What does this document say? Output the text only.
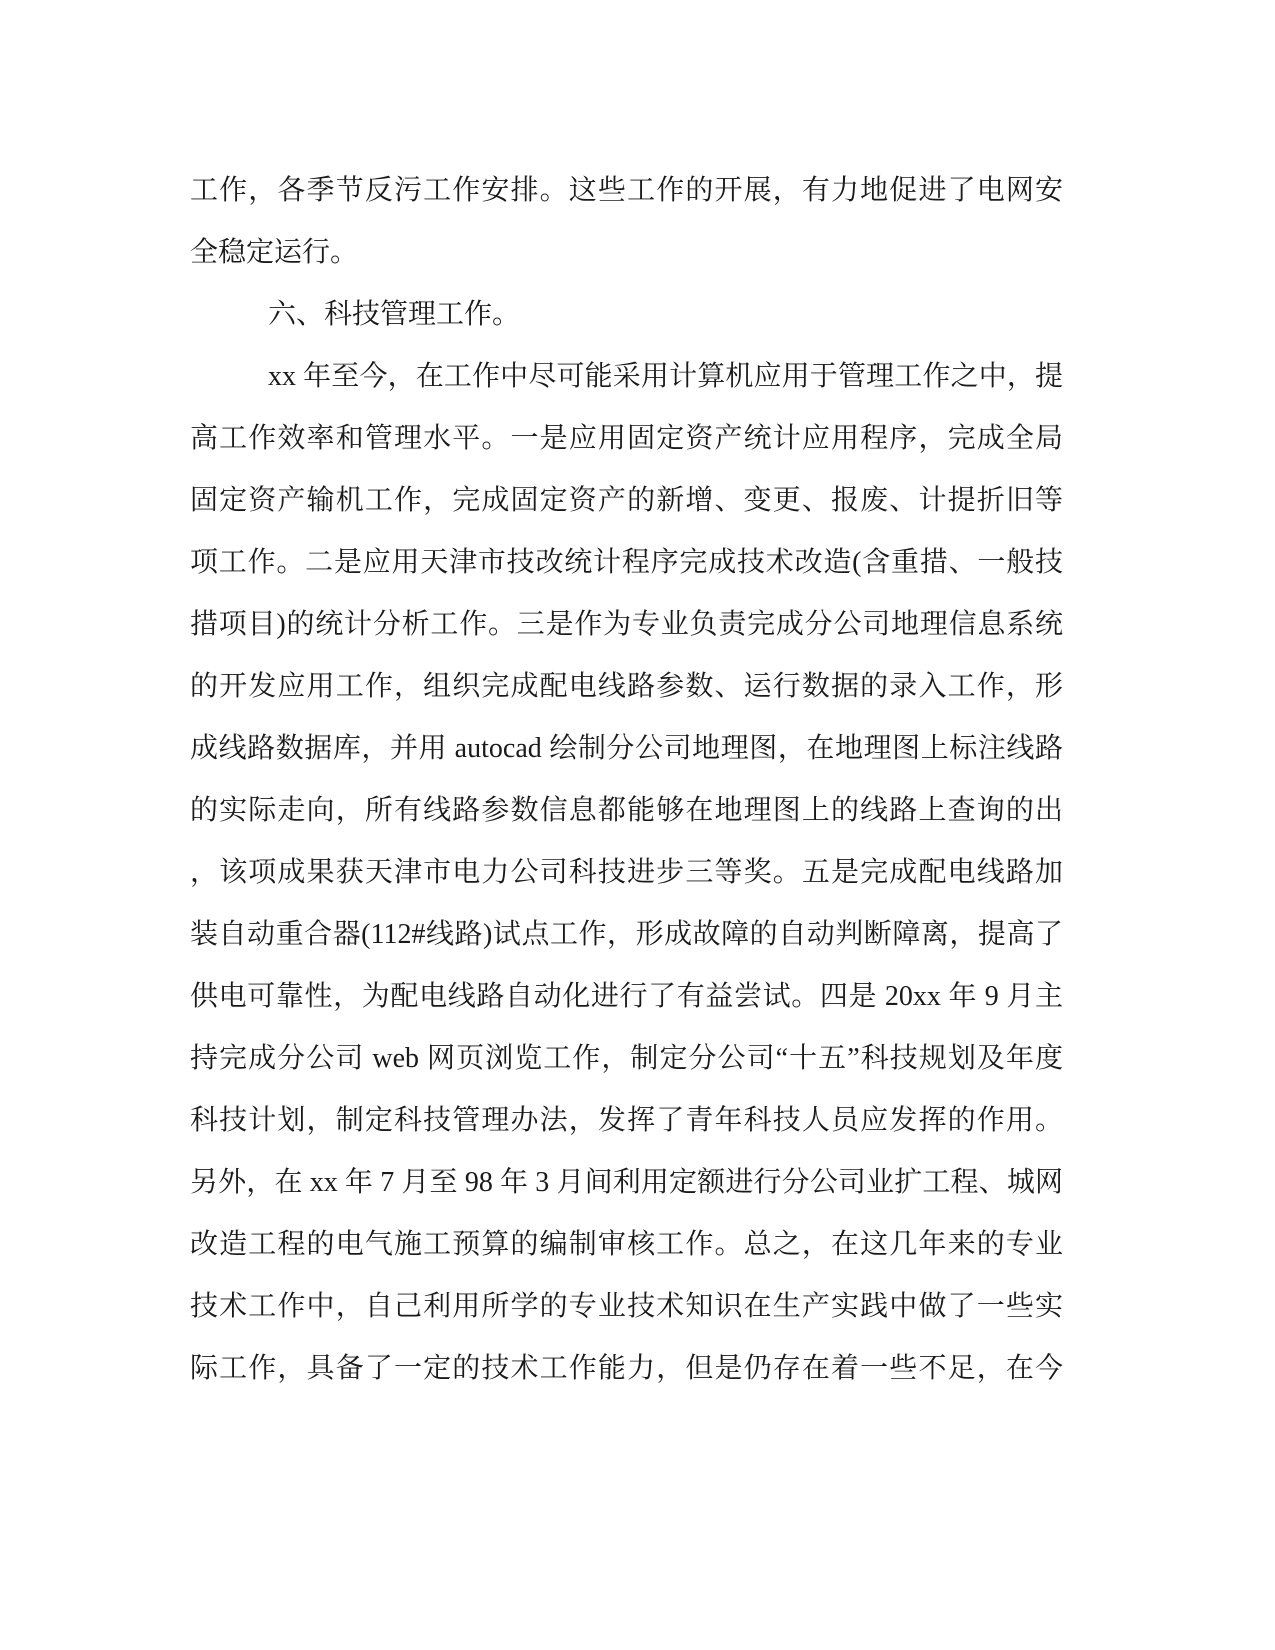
工作，各季节反污工作安排。这些工作的开展，有力地促进了电网安
全稳定运行。
六、科技管理工作。
xx 年至今，在工作中尽可能采用计算机应用于管理工作之中，提
高工作效率和管理水平。一是应用固定资产统计应用程序，完成全局
固定资产输机工作，完成固定资产的新增、变更、报废、计提折旧等
项工作。二是应用天津市技改统计程序完成技术改造(含重措、一般技
措项目)的统计分析工作。三是作为专业负责完成分公司地理信息系统
的开发应用工作，组织完成配电线路参数、运行数据的录入工作，形
成线路数据库，并用 autocad 绘制分公司地理图，在地理图上标注线路
的实际走向，所有线路参数信息都能够在地理图上的线路上查询的出
，该项成果获天津市电力公司科技进步三等奖。五是完成配电线路加
装自动重合器(112#线路)试点工作，形成故障的自动判断障离，提高了
供电可靠性，为配电线路自动化进行了有益尝试。四是 20xx 年 9 月主
持完成分公司 web 网页浏览工作，制定分公司“十五”科技规划及年度
科技计划，制定科技管理办法，发挥了青年科技人员应发挥的作用。
另外，在 xx 年 7 月至 98 年 3 月间利用定额进行分公司业扩工程、城网
改造工程的电气施工预算的编制审核工作。总之，在这几年来的专业
技术工作中，自己利用所学的专业技术知识在生产实践中做了一些实
际工作，具备了一定的技术工作能力，但是仍存在着一些不足，在今
